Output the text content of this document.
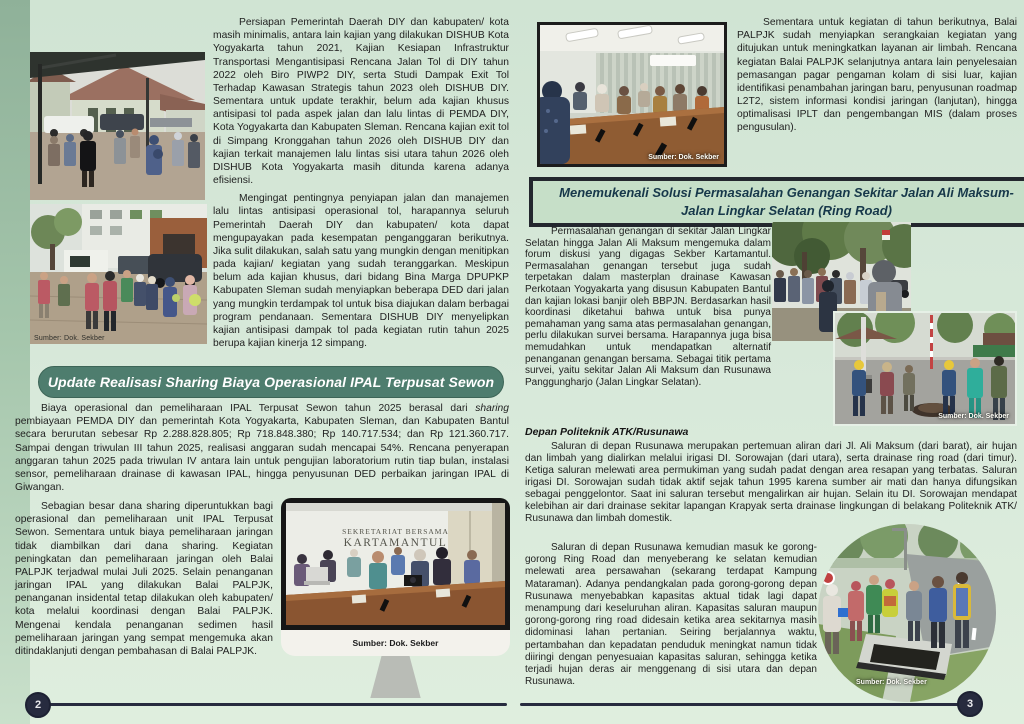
Sumber: Dok. Sekber

Persiapan Pemerintah Daerah DIY dan kabupaten/ kota masih minimalis, antara lain kajian yang dilakukan DISHUB Kota Yogyakarta tahun 2021, Kajian Kesiapan Infrastruktur Transportasi Mengantisipasi Rencana Jalan Tol di DIY tahun 2022 oleh Biro PIWP2 DIY, serta Studi Dampak Exit Tol Terhadap Kawasan Strategis tahun 2023 oleh DISHUB DIY. Sementara untuk update terakhir, belum ada kajian khusus antisipasi tol pada aspek jalan dan lalu lintas di PEMDA DIY, Kota Yogyakarta dan Kabupaten Sleman. Rencana kajian exit tol di Simpang Kronggahan tahun 2026 oleh DISHUB DIY dan kajian terkait manajemen lalu lintas sisi utara tahun 2026 oleh DISHUB Kota Yogyakarta masih ditunda karena adanya efisiensi.

Mengingat pentingnya penyiapan jalan dan manajemen lalu lintas antisipasi operasional tol, harapannya seluruh Pemerintah Daerah DIY dan kabupaten/ kota dapat mengupayakan pada kesempatan penganggaran berikutnya. Jika sulit dilakukan, salah satu yang mungkin dengan menitipkan pada kajian/ kegiatan yang sudah teranggarkan. Meskipun belum ada kajian khusus, dari bidang Bina Marga DPUPKP Kabupaten Sleman sudah menyiapkan beberapa DED dari jalan yang mungkin terdampak tol untuk bisa diajukan dalam berbagai program pendanaan. Sementara DISHUB DIY menyelipkan kajian antisipasi dampak tol pada kegiatan rutin tahun 2025 berupa kajian kinerja 12 simpang.

Update Realisasi Sharing Biaya Operasional IPAL Terpusat Sewon

Biaya operasional dan pemeliharaan IPAL Terpusat Sewon tahun 2025 berasal dari sharing pembiayaan PEMDA DIY dan pemerintah Kota Yogyakarta, Kabupaten Sleman, dan Kabupaten Bantul secara berurutan sebesar Rp 2.288.828.805; Rp 718.848.380; Rp 140.717.534; dan Rp 121.360.717. Sampai dengan triwulan III tahun 2025, realisasi anggaran sudah mencapai 54%. Rencana penyerapan anggaran tahun 2025 pada triwulan IV antara lain untuk pengujian laboratorium rutin tiap bulan, instalasi sensor, pemeliharaan drainase di kawasan IPAL, hingga penyusunan DED perbaikan jaringan IPAL di Giwangan.

Sebagian besar dana sharing diperuntukkan bagi operasional dan pemeliharaan unit IPAL Terpusat Sewon. Sementara untuk biaya pemeliharaan jaringan tidak diambilkan dari dana sharing. Kegiatan peningkatan dan pemeliharaan jaringan oleh Balai PALPJK terjadwal mulai Juli 2025. Selain penanganan jaringan IPAL yang dilakukan Balai PALPJK, penanganan insidental tetap dilakukan oleh kabupaten/ kota melalui koordinasi dengan Balai PALPJK. Mengenai kendala penanganan sedimen hasil pemeliharaan jaringan yang sempat mengemuka akan ditindaklanjuti dengan pembahasan di Balai PALPJK.

SEKRETARIAT BERSAMA
KARTAMANTUL
Sumber: Dok. Sekber
2
Sumber: Dok. Sekber

Sementara untuk kegiatan di tahun berikutnya, Balai PALPJK sudah menyiapkan serangkaian kegiatan yang ditujukan untuk meningkatkan layanan air limbah. Rencana kegiatan Balai PALPJK selanjutnya antara lain penyelesaian pemasangan pagar pengaman kolam di sisi luar, kajian identifikasi penambahan jaringan baru, penyusunan roadmap L2T2, sistem informasi kondisi jaringan (lanjutan), hingga optimalisasi IPLT dan pengembangan MIS (dalam proses pengusulan).

Menemukenali Solusi Permasalahan Genangan Sekitar Jalan Ali Maksum-Jalan Lingkar Selatan (Ring Road)

Permasalahan genangan di sekitar Jalan Lingkar Selatan hingga Jalan Ali Maksum mengemuka dalam forum diskusi yang digagas Sekber Kartamantul. Permasalahan genangan tersebut juga sudah terpetakan dalam masterplan drainase Kawasan Perkotaan Yogyakarta yang disusun Kabupaten Bantul dan kajian lokasi banjir oleh BBPJN. Berdasarkan hasil koordinasi diketahui bahwa untuk bisa punya pemahaman yang sama atas permasalahan genangan, perlu dilakukan survei bersama. Harapannya juga bisa memudahkan untuk mendapatkan alternatif penanganan genangan bersama. Sebagai titik pertama survei, yaitu sekitar Jalan Ali Maksum dan Rusunawa Panggungharjo (Jalan Lingkar Selatan).

Sumber: Dok. Sekber
Depan Politeknik ATK/Rusunawa

Saluran di depan Rusunawa merupakan pertemuan aliran dari Jl. Ali Maksum (dari barat), air hujan dan limbah yang dialirkan melalui irigasi DI. Sorowajan (dari utara), serta drainase ring road (dari timur). Ketiga saluran melewati area permukiman yang sudah padat dengan area resapan yang terbatas. Saluran irigasi DI. Sorowajan sudah tidak aktif sejak tahun 1995 karena sumber air mati dan hanya difungsikan sebagai penggelontor. Saat ini saluran tersebut mengalirkan air hujan. Selain itu DI. Sorowajan mendapat kelebihan air dari drainase sekitar lapangan Krapyak serta drainase lingkungan di belakang Politeknik ATK/ Rusunawa dan limbah domestik.

Saluran di depan Rusunawa kemudian masuk ke gorong-gorong Ring Road dan menyeberang ke selatan kemudian melewati area persawahan (sekarang terdapat Kampung Mataraman). Adanya pendangkalan pada gorong-gorong depan Rusunawa menyebabkan kapasitas aktual tidak lagi dapat menampung dari keseluruhan aliran. Kapasitas saluran maupun gorong-gorong ring road didesain ketika area sekitarnya masih didominasi lahan pertanian. Seiring berjalannya waktu, pertambahan dan kepadatan penduduk meningkat namun tidak diiringi dengan penyesuaian kapasitas saluran, sehingga ketika terjadi hujan deras air menggenang di sisi utara dan depan Rusunawa.	Sumber: Dok. Sekber
3
